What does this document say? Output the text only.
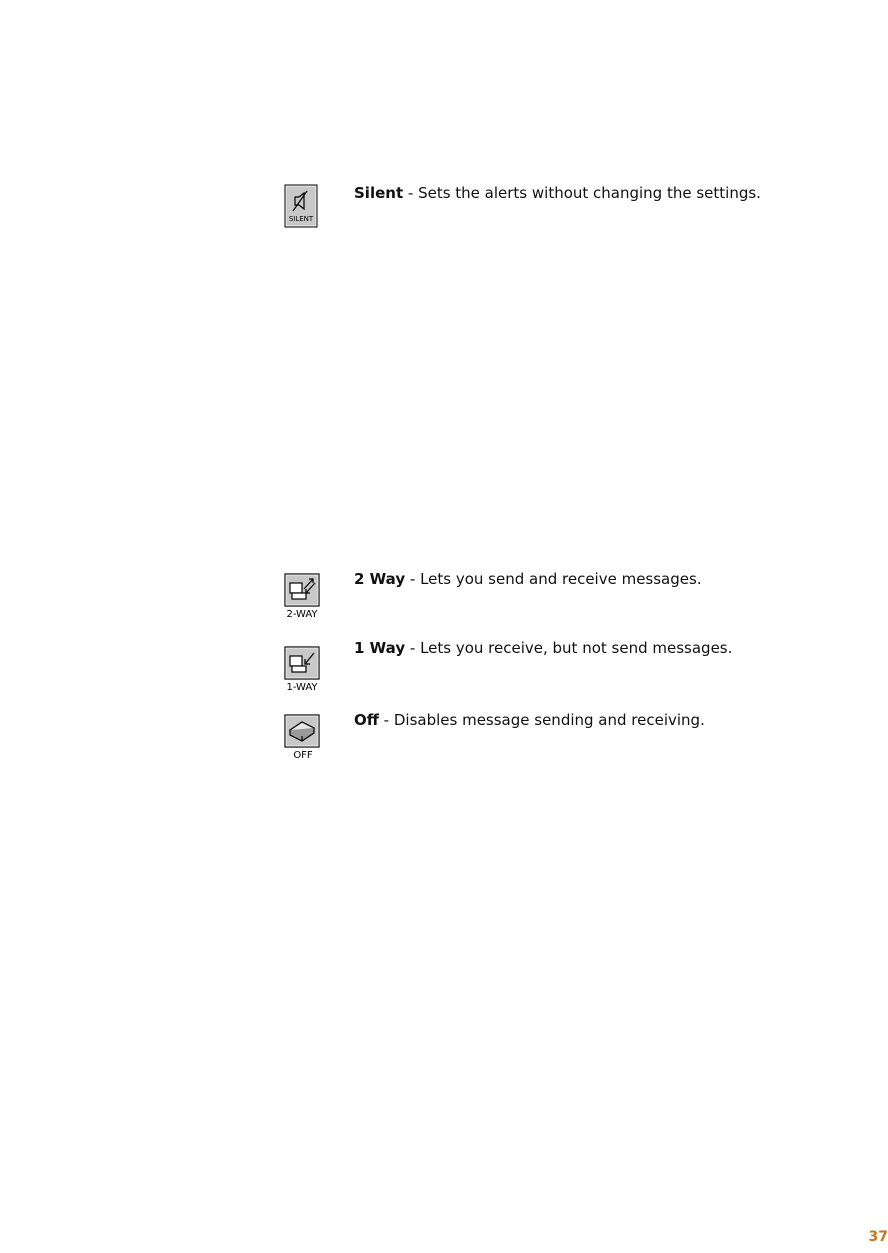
SILENT
Silent - Sets the alerts without changing the settings.
2-WAY
2 Way - Lets you send and receive messages.
1-WAY
1 Way - Lets you receive, but not send messages.
OFF
Off - Disables message sending and receiving.
37
